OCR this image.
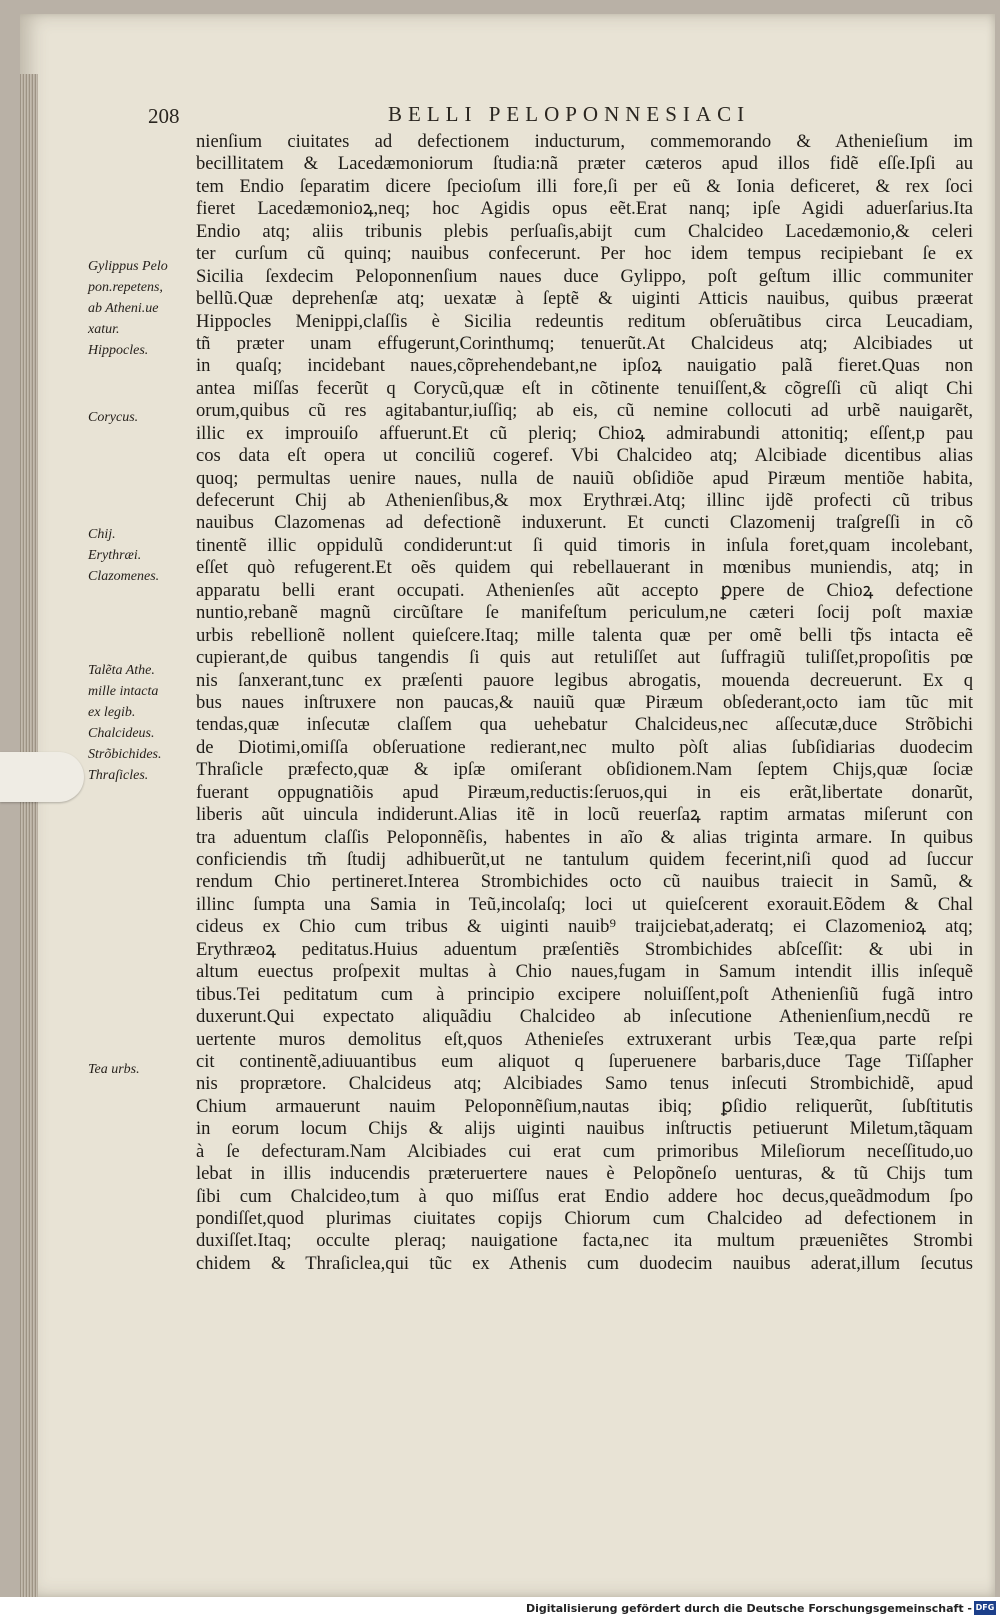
208	BELLI PELOPONNESIACI
Gylippus Pelo
pon.repetens,
ab Atheni.ue
xatur.
Hippocles.
Corycus.
Chij.
Erythræi.
Clazomenes.
Talẽta Athe.
mille intacta
ex legib.
Chalcideus.
Strõbichides.
Thraſicles.
Tea urbs.
nienſium ciuitates ad defectionem inducturum, commemorando & Athenieſium im
becillitatem & Lacedæmoniorum ſtudia:nã præter cæteros apud illos fidẽ eſſe.Ipſi au
tem Endio ſeparatim dicere ſpecioſum illi fore,ſi per eũ & Ionia deficeret, & rex ſoci
fieret Lacedæmonioꝝ,neq; hoc Agidis opus eẽt.Erat nanq; ipſe Agidi aduerſarius.Ita
Endio atq; aliis tribunis plebis perſuaſis,abijt cum Chalcideo Lacedæmonio,& celeri
ter curſum cũ quinq; nauibus confecerunt. Per hoc idem tempus recipiebant ſe ex
Sicilia ſexdecim Peloponnenſium naues duce Gylippo, poſt geſtum illic communiter
bellũ.Quæ deprehenſæ atq; uexatæ à ſeptẽ & uiginti Atticis nauibus, quibus præerat
Hippocles Menippi,claſſis è Sicilia redeuntis reditum obſeruãtibus circa Leucadiam,
tñ præter unam effugerunt,Corinthumq; tenuerũt.At Chalcideus atq; Alcibiades ut
in quaſq; incidebant naues,cõprehendebant,ne ipſoꝝ nauigatio palã fieret.Quas non
antea miſſas fecerũt q Corycũ,quæ eſt in cõtinente tenuiſſent,& cõgreſſi cũ aliqt Chi
orum,quibus cũ res agitabantur,iuſſiq; ab eis, cũ nemine collocuti ad urbẽ nauigarẽt,
illic ex improuiſo affuerunt.Et cũ pleriq; Chioꝝ admirabundi attonitiq; eſſent,p pau
cos data eſt opera ut conciliũ cogeref. Vbi Chalcideo atq; Alcibiade dicentibus alias
quoq; permultas uenire naues, nulla de nauiũ obſidiõe apud Piræum mentiõe habita,
defecerunt Chij ab Athenienſibus,& mox Erythræi.Atq; illinc ĳdẽ profecti cũ tribus
nauibus Clazomenas ad defectionẽ induxerunt. Et cuncti Clazomenij traſgreſſi in cõ
tinentẽ illic oppidulũ condiderunt:ut ſi quid timoris in inſula foret,quam incolebant,
eſſet quò refugerent.Et oẽs quidem qui rebellauerant in mœnibus muniendis, atq; in
apparatu belli erant occupati. Athenienſes aũt accepto ꝑpere de Chioꝝ defectione
nuntio,rebanẽ magnũ circũſtare ſe manifeſtum periculum,ne cæteri ſocij poſt maxiæ
urbis rebellionẽ nollent quieſcere.Itaq; mille talenta quæ per omẽ belli tp̃s intacta eẽ
cupierant,de quibus tangendis ſi quis aut retuliſſet aut ſuffragiũ tuliſſet,propoſitis pœ
nis ſanxerant,tunc ex præſenti pauore legibus abrogatis, mouenda decreuerunt. Ex q
bus naues inſtruxere non paucas,& nauiũ quæ Piræum obſederant,octo iam tũc mit
tendas,quæ inſecutæ claſſem qua uehebatur Chalcideus,nec aſſecutæ,duce Strõbichi
de Diotimi,omiſſa obſeruatione redierant,nec multo pòſt alias ſubſidiarias duodecim
Thraſicle præfecto,quæ & ipſæ omiſerant obſidionem.Nam ſeptem Chijs,quæ ſociæ
fuerant oppugnatiõis apud Piræum,reductis:ſeruos,qui in eis erãt,libertate donarũt,
liberis aũt uincula indiderunt.Alias itẽ in locũ reuerſaꝝ raptim armatas miſerunt con
tra aduentum claſſis Peloponnẽſis, habentes in aĩo & alias triginta armare. In quibus
conficiendis tm̃ ſtudij adhibuerũt,ut ne tantulum quidem fecerint,niſi quod ad ſuccur
rendum Chio pertineret.Interea Strombichides octo cũ nauibus traiecit in Samũ, &
illinc ſumpta una Samia in Teũ,incolaſq; loci ut quieſcerent exorauit.Eõdem & Chal
cideus ex Chio cum tribus & uiginti nauib⁹ traijciebat,aderatq; ei Clazomenioꝝ atq;
Erythræoꝝ peditatus.Huius aduentum præſentiẽs Strombichides abſceſſit: & ubi in
altum euectus proſpexit multas à Chio naues,fugam in Samum intendit illis inſequẽ
tibus.Tei peditatum cum à principio excipere noluiſſent,poſt Athenienſiũ fugã intro
duxerunt.Qui expectato aliquãdiu Chalcideo ab inſecutione Athenienſium,necdũ re
uertente muros demolitus eſt,quos Athenieſes extruxerant urbis Teæ,qua parte reſpi
cit continentẽ,adiuuantibus eum aliquot q ſuperuenere barbaris,duce Tage Tiſſapher
nis proprætore. Chalcideus atq; Alcibiades Samo tenus inſecuti Strombichidẽ, apud
Chium armauerunt nauim Peloponnẽſium,nautas ibiq; ꝑſidio reliquerũt, ſubſtitutis
in eorum locum Chijs & alijs uiginti nauibus inſtructis petiuerunt Miletum,tãquam
à ſe defecturam.Nam Alcibiades cui erat cum primoribus Mileſiorum neceſſitudo,uo
lebat in illis inducendis præteruertere naues è Pelopõneſo uenturas, & tũ Chijs tum
ſibi cum Chalcideo,tum à quo miſſus erat Endio addere hoc decus,queãdmodum ſpo
pondiſſet,quod plurimas ciuitates copijs Chiorum cum Chalcideo ad defectionem in
duxiſſet.Itaq; occulte pleraq; nauigatione facta,nec ita multum præueniẽtes Strombi
chidem & Thraſiclea,qui tũc ex Athenis cum duodecim nauibus aderat,illum ſecutus
Digitalisierung gefördert durch die Deutsche Forschungsgemeinschaft - DFG
